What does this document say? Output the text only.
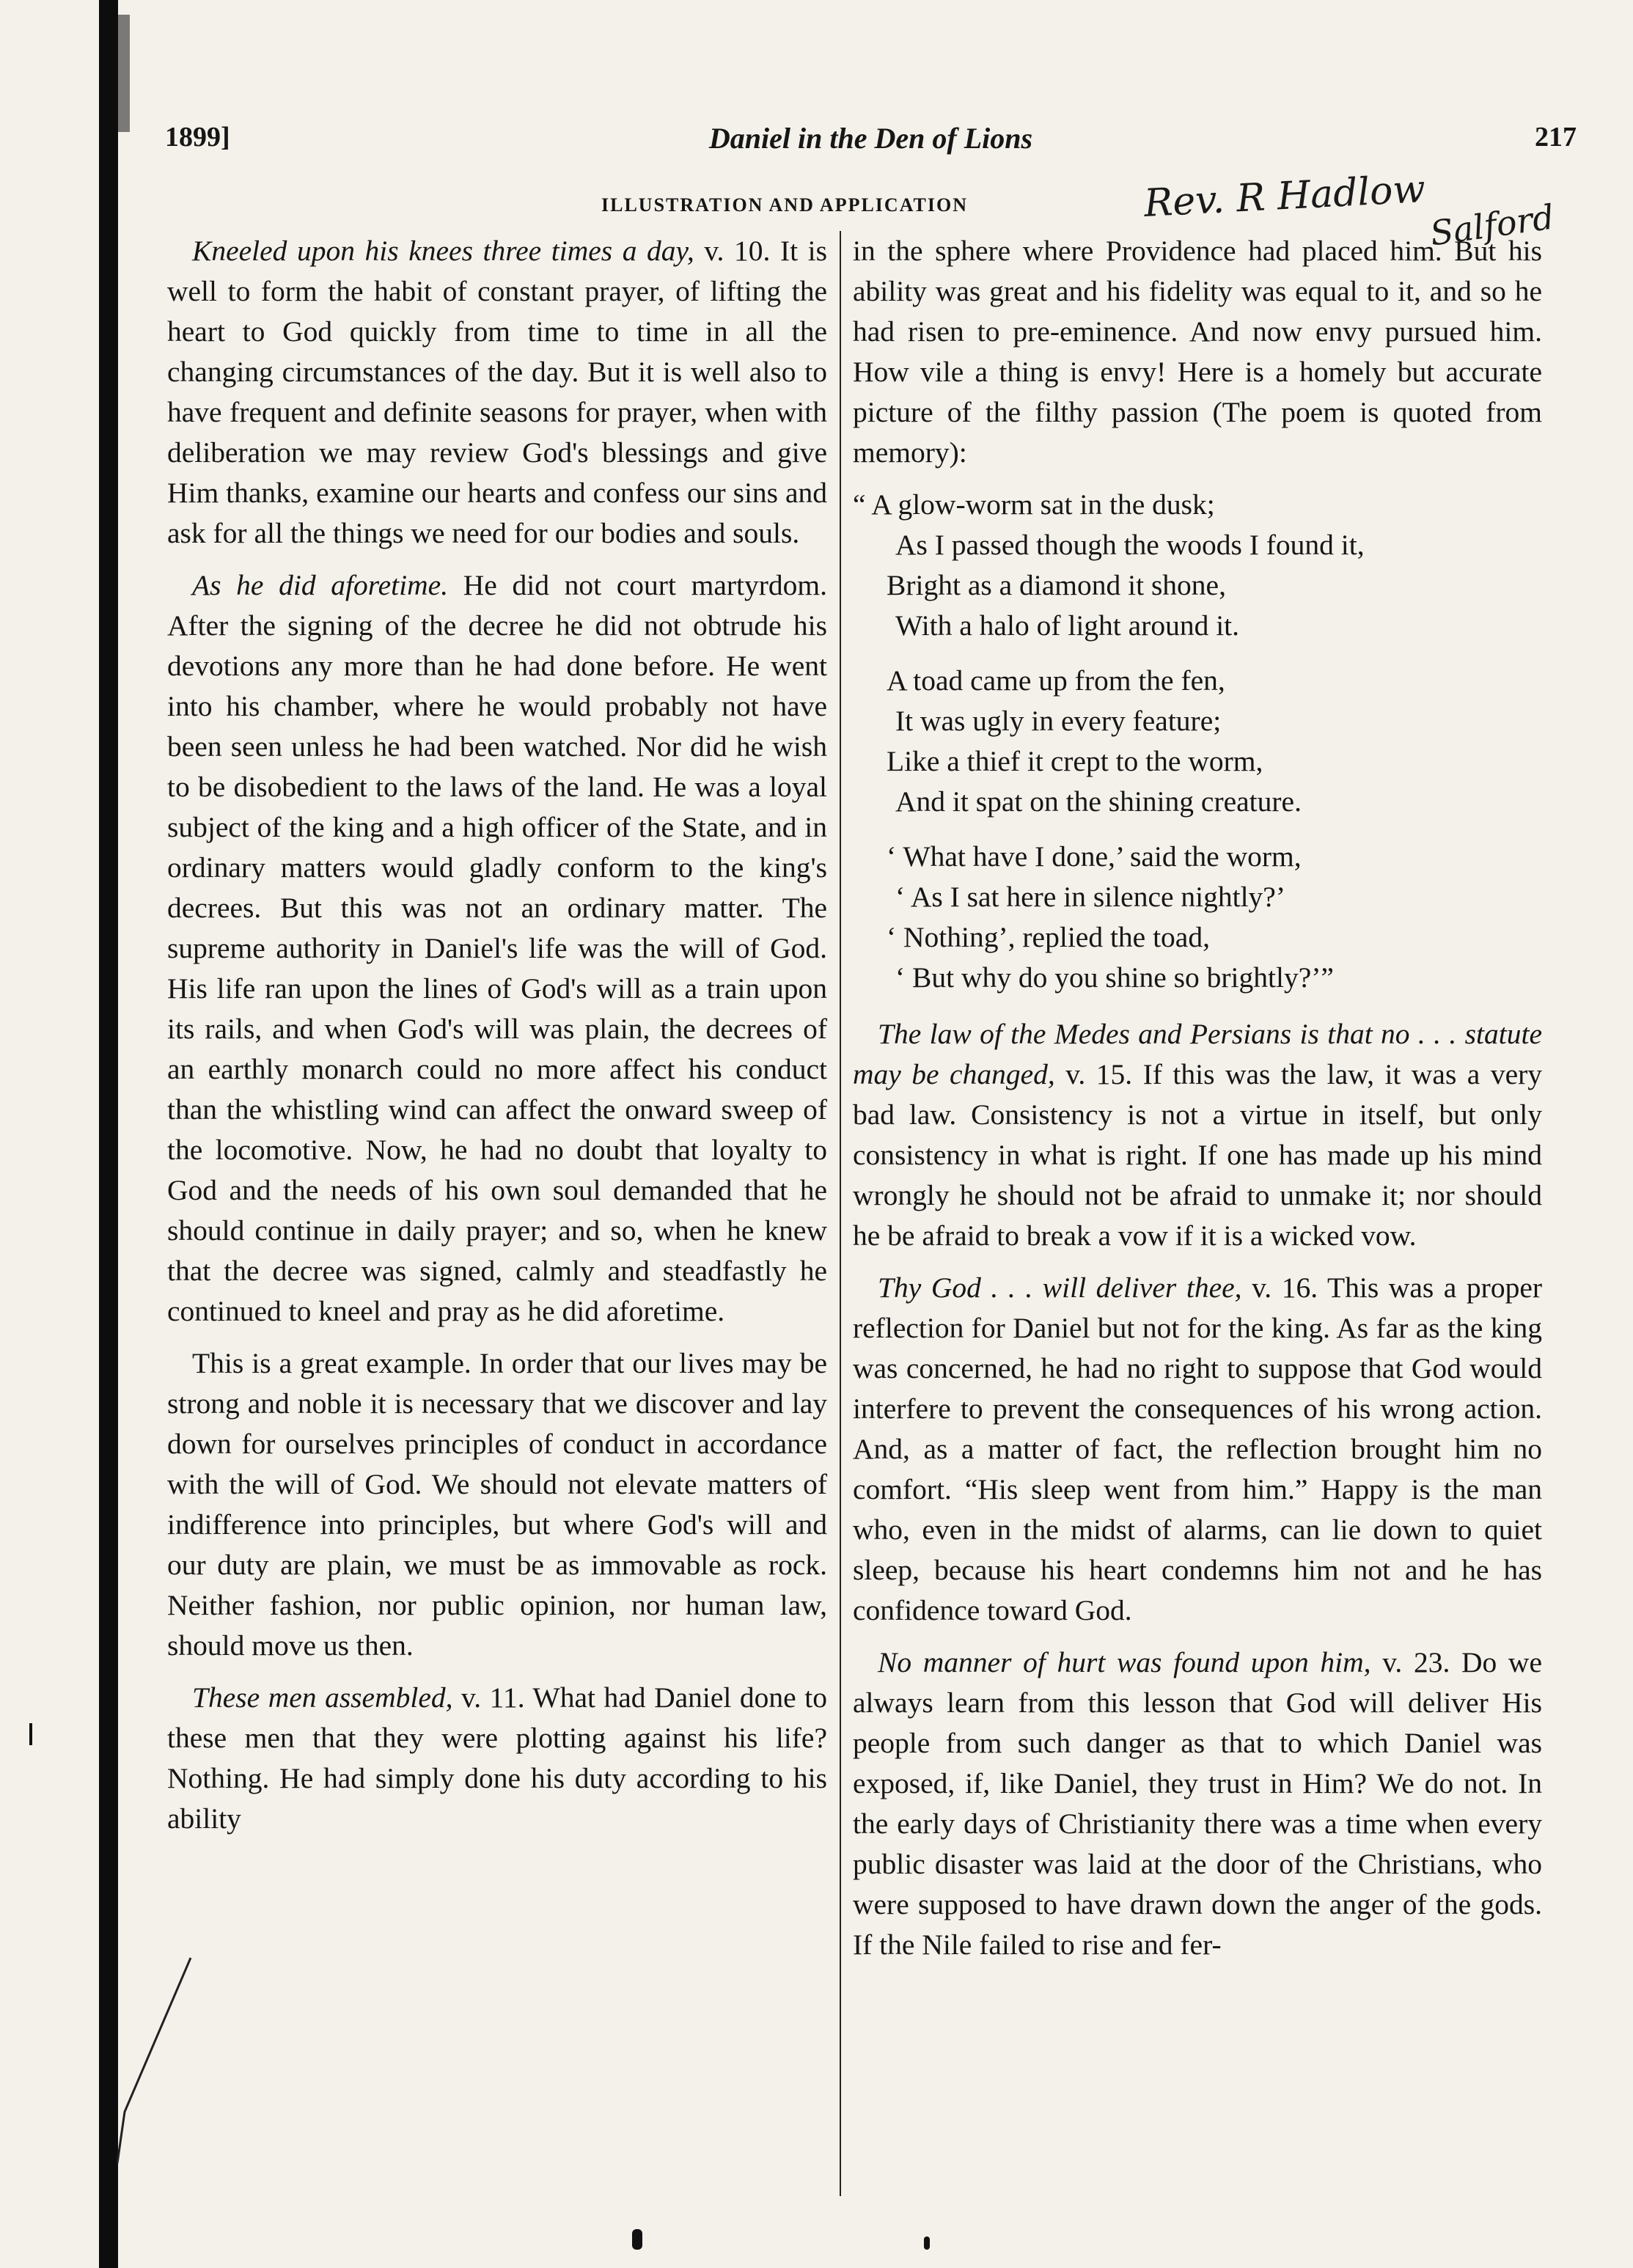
1899]	Daniel in the Den of Lions	217
ILLUSTRATION AND APPLICATION	Rev. R Hadlow Salford

Kneeled upon his knees three times a day, v. 10. It is well to form the habit of constant prayer, of lifting the heart to God quickly from time to time in all the changing circumstances of the day. But it is well also to have frequent and definite seasons for prayer, when with deliberation we may review God's blessings and give Him thanks, examine our hearts and confess our sins and ask for all the things we need for our bodies and souls.

As he did aforetime. He did not court martyrdom. After the signing of the decree he did not obtrude his devotions any more than he had done before. He went into his chamber, where he would probably not have been seen unless he had been watched. Nor did he wish to be disobedient to the laws of the land. He was a loyal subject of the king and a high officer of the State, and in ordinary matters would gladly conform to the king's decrees. But this was not an ordinary matter. The supreme authority in Daniel's life was the will of God. His life ran upon the lines of God's will as a train upon its rails, and when God's will was plain, the decrees of an earthly monarch could no more affect his conduct than the whistling wind can affect the onward sweep of the locomotive. Now, he had no doubt that loyalty to God and the needs of his own soul demanded that he should continue in daily prayer; and so, when he knew that the decree was signed, calmly and steadfastly he continued to kneel and pray as he did aforetime.

This is a great example. In order that our lives may be strong and noble it is necessary that we discover and lay down for ourselves principles of conduct in accordance with the will of God. We should not elevate matters of indifference into principles, but where God's will and our duty are plain, we must be as immovable as rock. Neither fashion, nor public opinion, nor human law, should move us then.

These men assembled, v. 11. What had Daniel done to these men that they were plotting against his life? Nothing. He had simply done his duty according to his ability

in the sphere where Providence had placed him. But his ability was great and his fidelity was equal to it, and so he had risen to pre-eminence. And now envy pursued him. How vile a thing is envy! Here is a homely but accurate picture of the filthy passion (The poem is quoted from memory):

“ A glow-worm sat in the dusk;
As I passed though the woods I found it,
Bright as a diamond it shone,
With a halo of light around it.
A toad came up from the fen,
It was ugly in every feature;
Like a thief it crept to the worm,
And it spat on the shining creature.
‘ What have I done,’ said the worm,
‘ As I sat here in silence nightly?’
‘ Nothing’, replied the toad,
‘ But why do you shine so brightly?’”

The law of the Medes and Persians is that no . . . statute may be changed, v. 15. If this was the law, it was a very bad law. Consistency is not a virtue in itself, but only consistency in what is right. If one has made up his mind wrongly he should not be afraid to unmake it; nor should he be afraid to break a vow if it is a wicked vow.

Thy God . . . will deliver thee, v. 16. This was a proper reflection for Daniel but not for the king. As far as the king was concerned, he had no right to suppose that God would interfere to prevent the consequences of his wrong action. And, as a matter of fact, the reflection brought him no comfort. “His sleep went from him.” Happy is the man who, even in the midst of alarms, can lie down to quiet sleep, because his heart condemns him not and he has confidence toward God.

No manner of hurt was found upon him, v. 23. Do we always learn from this lesson that God will deliver His people from such danger as that to which Daniel was exposed, if, like Daniel, they trust in Him? We do not. In the early days of Christianity there was a time when every public disaster was laid at the door of the Christians, who were supposed to have drawn down the anger of the gods. If the Nile failed to rise and fer-
